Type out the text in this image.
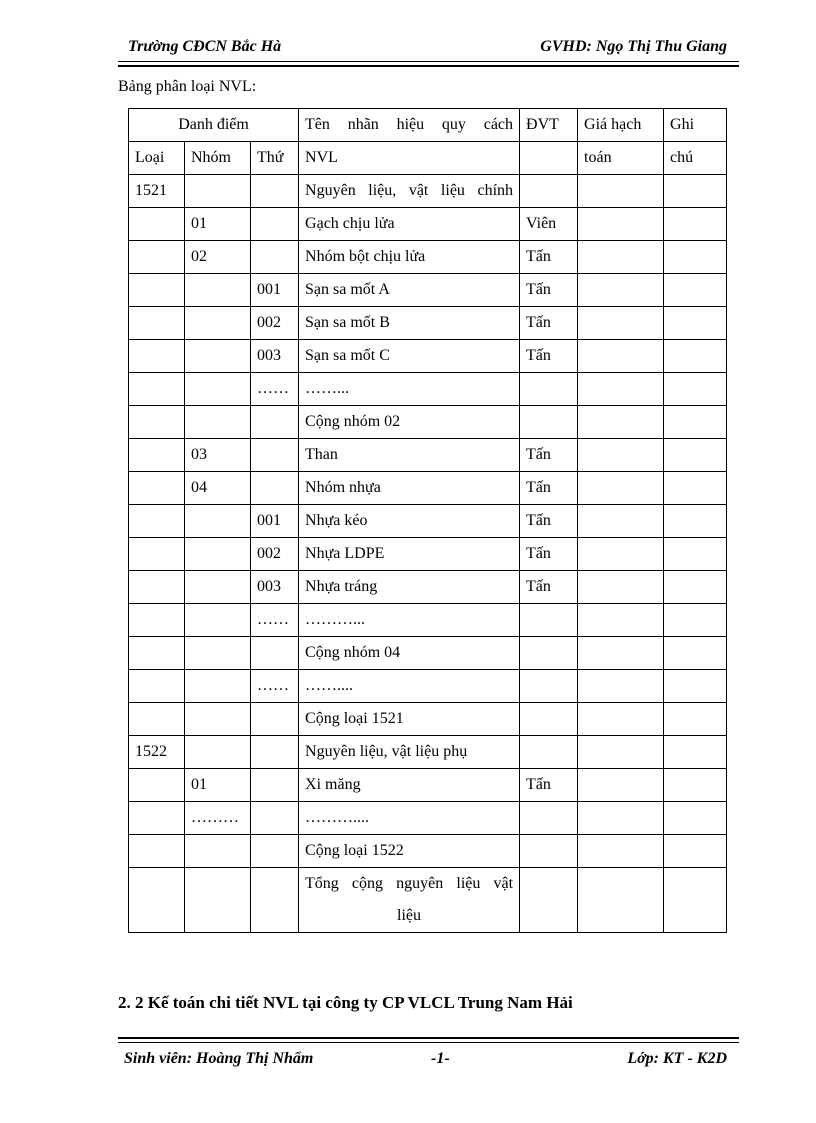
Trường CĐCN Bắc Hà	GVHD: Ngọ Thị Thu Giang
Bảng phân loại NVL:
Danh điểm			Tên nhãn hiệu quy cách	ĐVT	Giá hạch	Ghi
Loại	Nhóm	Thứ	NVL		toán	chú
1521			Nguyên liệu, vật liệu chính			
	01		Gạch chịu lửa	Viên		
	02		Nhóm bột chịu lửa	Tấn		
		001	Sạn sa mốt A	Tấn		
		002	Sạn sa mốt B	Tấn		
		003	Sạn sa mốt C	Tấn		
		……	……...			
			Cộng nhóm 02			
	03		Than	Tấn		
	04		Nhóm nhựa	Tấn		
		001	Nhựa kéo	Tấn		
		002	Nhựa LDPE	Tấn		
		003	Nhựa tráng	Tấn		
		……	………...			
			Cộng nhóm 04			
		……	……....			
			Cộng loại 1521			
1522			Nguyên liệu, vật liệu phụ			
	01		Xi măng	Tấn		
	………		………....			
			Cộng loại 1522			

			Tổng cộng nguyên liệu vật
liệu			

2. 2 Kế toán chi tiết NVL tại công ty CP VLCL Trung Nam Hải
Sinh viên: Hoàng Thị Nhẩm	-1-	Lớp: KT - K2D
